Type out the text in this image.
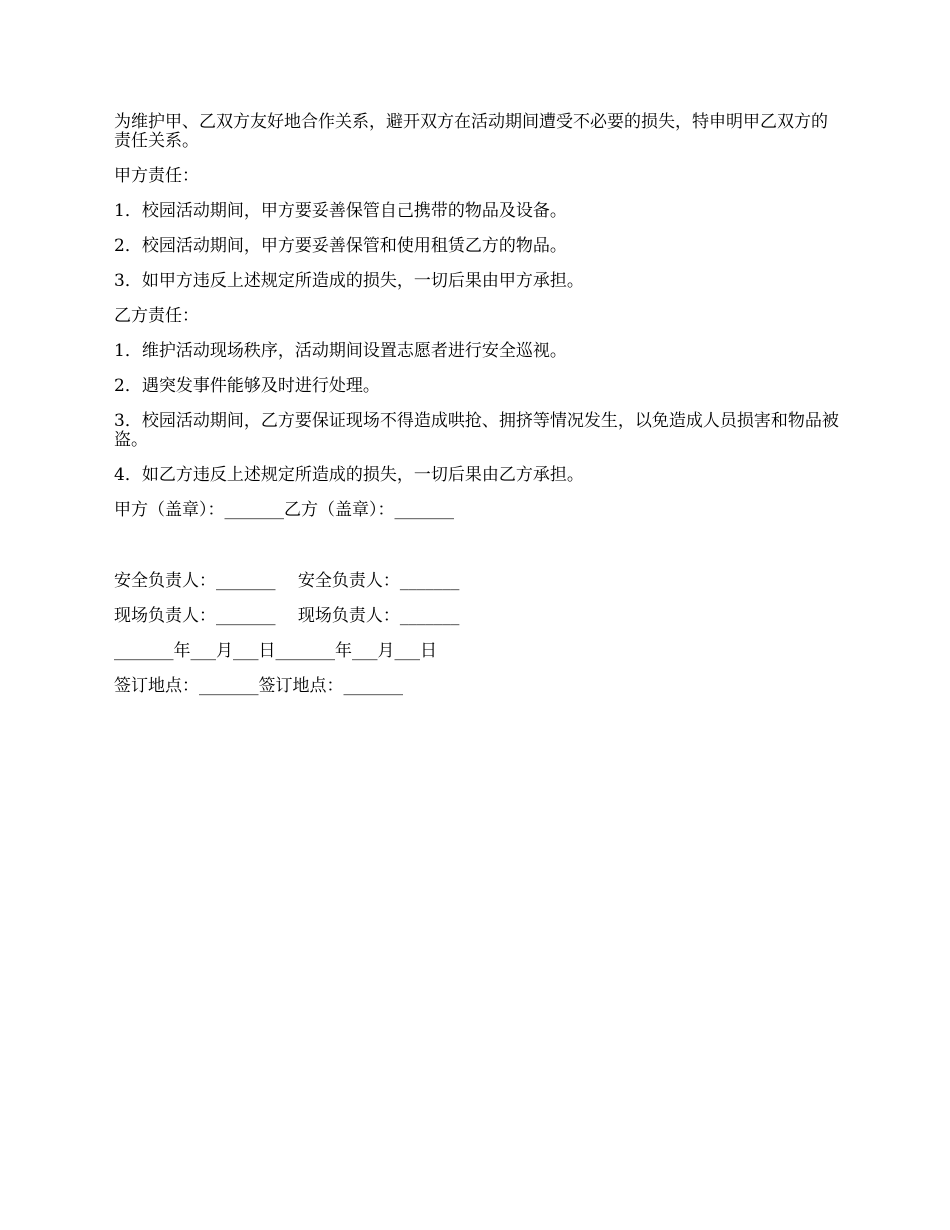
为维护甲、乙双方友好地合作关系，避开双方在活动期间遭受不必要的损失，特申明甲乙双方的责任关系。

甲方责任：

1．校园活动期间，甲方要妥善保管自己携带的物品及设备。

2．校园活动期间，甲方要妥善保管和使用租赁乙方的物品。

3．如甲方违反上述规定所造成的损失，一切后果由甲方承担。

乙方责任：

1．维护活动现场秩序，活动期间设置志愿者进行安全巡视。

2．遇突发事件能够及时进行处理。

3．校园活动期间，乙方要保证现场不得造成哄抢、拥挤等情况发生，以免造成人员损害和物品被盗。

4．如乙方违反上述规定所造成的损失，一切后果由乙方承担。

甲方（盖章）：_______乙方（盖章）：_______

安全负责人：_______　 安全负责人：_______

现场负责人：_______　 现场负责人：_______

_______年___月___日_______年___月___日

签订地点：_______签订地点：_______
